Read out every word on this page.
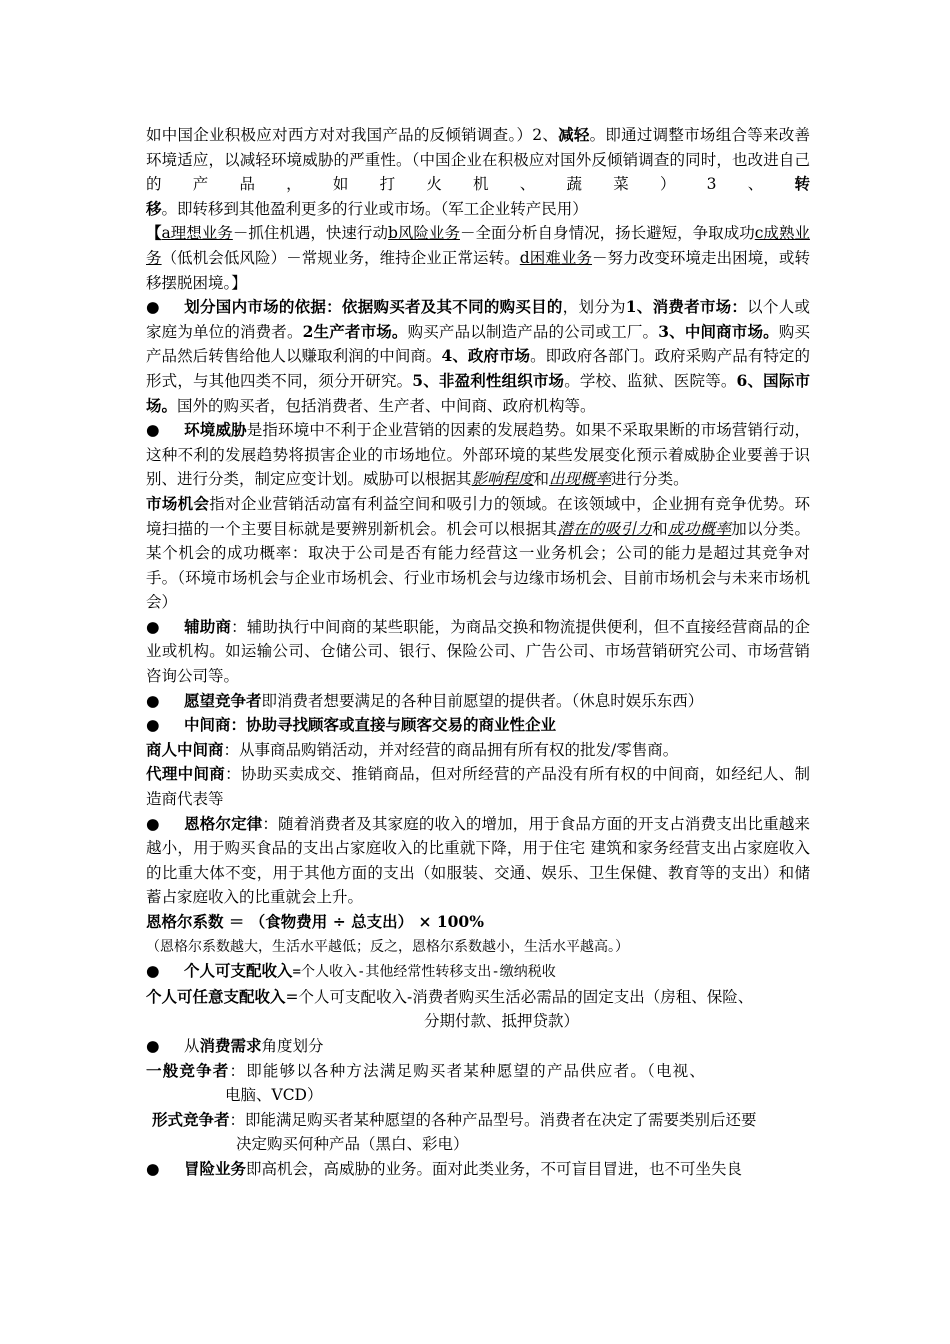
如中国企业积极应对西方对对我国产品的反倾销调查。）2、减轻。即通过调整市场组合等来改善环境适应，以减轻环境威胁的严重性。（中国企业在积极应对国外反倾销调查的同时，也改进自己的产品，如打火机、蔬菜）3、转移。即转移到其他盈利更多的行业或市场。（军工企业转产民用）

【a理想业务－抓住机遇，快速行动b风险业务－全面分析自身情况，扬长避短，争取成功c成熟业务（低机会低风险）－常规业务，维持企业正常运转。d困难业务－努力改变环境走出困境，或转移摆脱困境。】

● 划分国内市场的依据：依据购买者及其不同的购买目的，划分为1、消费者市场：以个人或家庭为单位的消费者。2生产者市场。购买产品以制造产品的公司或工厂。3、中间商市场。购买产品然后转售给他人以赚取利润的中间商。4、政府市场。即政府各部门。政府采购产品有特定的形式，与其他四类不同，须分开研究。5、非盈利性组织市场。学校、监狱、医院等。6、国际市场。国外的购买者，包括消费者、生产者、中间商、政府机构等。

● 环境威胁是指环境中不利于企业营销的因素的发展趋势。如果不采取果断的市场营销行动，这种不利的发展趋势将损害企业的市场地位。外部环境的某些发展变化预示着威胁企业要善于识别、进行分类，制定应变计划。威胁可以根据其影响程度和出现概率进行分类。

市场机会指对企业营销活动富有利益空间和吸引力的领域。在该领域中，企业拥有竞争优势。环境扫描的一个主要目标就是要辨别新机会。机会可以根据其潜在的吸引力和成功概率加以分类。某个机会的成功概率：取决于公司是否有能力经营这一业务机会；公司的能力是超过其竞争对手。（环境市场机会与企业市场机会、行业市场机会与边缘市场机会、目前市场机会与未来市场机会）

● 辅助商：辅助执行中间商的某些职能，为商品交换和物流提供便利，但不直接经营商品的企业或机构。如运输公司、仓储公司、银行、保险公司、广告公司、市场营销研究公司、市场营销咨询公司等。

● 愿望竞争者即消费者想要满足的各种目前愿望的提供者。（休息时娱乐东西）

● 中间商：协助寻找顾客或直接与顾客交易的商业性企业

商人中间商：从事商品购销活动，并对经营的商品拥有所有权的批发/零售商。

代理中间商：协助买卖成交、推销商品，但对所经营的产品没有所有权的中间商，如经纪人、制造商代表等

● 恩格尔定律：随着消费者及其家庭的收入的增加，用于食品方面的开支占消费支出比重越来越小，用于购买食品的支出占家庭收入的比重就下降，用于住宅 建筑和家务经营支出占家庭收入的比重大体不变，用于其他方面的支出（如服装、交通、娱乐、卫生保健、教育等的支出）和储蓄占家庭收入的比重就会上升。

恩格尔系数 ＝ （食物费用 ÷ 总支出） × 100%

（恩格尔系数越大，生活水平越低；反之，恩格尔系数越小，生活水平越高。）

● 个人可支配收入=个人收入-其他经常性转移支出-缴纳税收

个人可任意支配收入=个人可支配收入-消费者购买生活必需品的固定支出（房租、保险、

分期付款、抵押贷款）

● 从消费需求角度划分

一般竞争者：即能够以各种方法满足购买者某种愿望的产品供应者。（电视、

电脑、VCD）

形式竞争者：即能满足购买者某种愿望的各种产品型号。消费者在决定了需要类别后还要

决定购买何种产品（黑白、彩电）

● 冒险业务即高机会，高威胁的业务。面对此类业务，不可盲目冒进，也不可坐失良
